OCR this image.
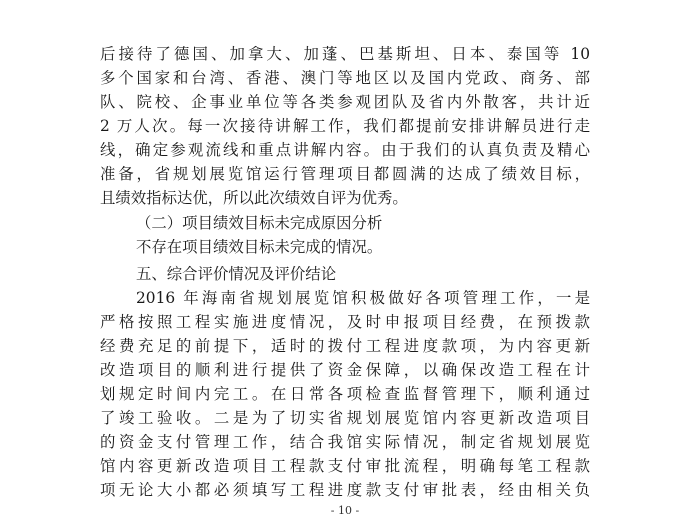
后接待了德国、加拿大、加蓬、巴基斯坦、日本、泰国等 10
多个国家和台湾、香港、澳门等地区以及国内党政、商务、部
队、院校、企事业单位等各类参观团队及省内外散客，共计近
2 万人次。每一次接待讲解工作，我们都提前安排讲解员进行走
线，确定参观流线和重点讲解内容。由于我们的认真负责及精心
准备，省规划展览馆运行管理项目都圆满的达成了绩效目标，
且绩效指标达优，所以此次绩效自评为优秀。
（二）项目绩效目标未完成原因分析
不存在项目绩效目标未完成的情况。
五、综合评价情况及评价结论
2016 年海南省规划展览馆积极做好各项管理工作，一是
严格按照工程实施进度情况，及时申报项目经费，在预拨款
经费充足的前提下，适时的拨付工程进度款项，为内容更新
改造项目的顺利进行提供了资金保障，以确保改造工程在计
划规定时间内完工。在日常各项检查监督管理下，顺利通过
了竣工验收。二是为了切实省规划展览馆内容更新改造项目
的资金支付管理工作，结合我馆实际情况，制定省规划展览
馆内容更新改造项目工程款支付审批流程，明确每笔工程款
项无论大小都必须填写工程进度款支付审批表，经由相关负
- 10 -
